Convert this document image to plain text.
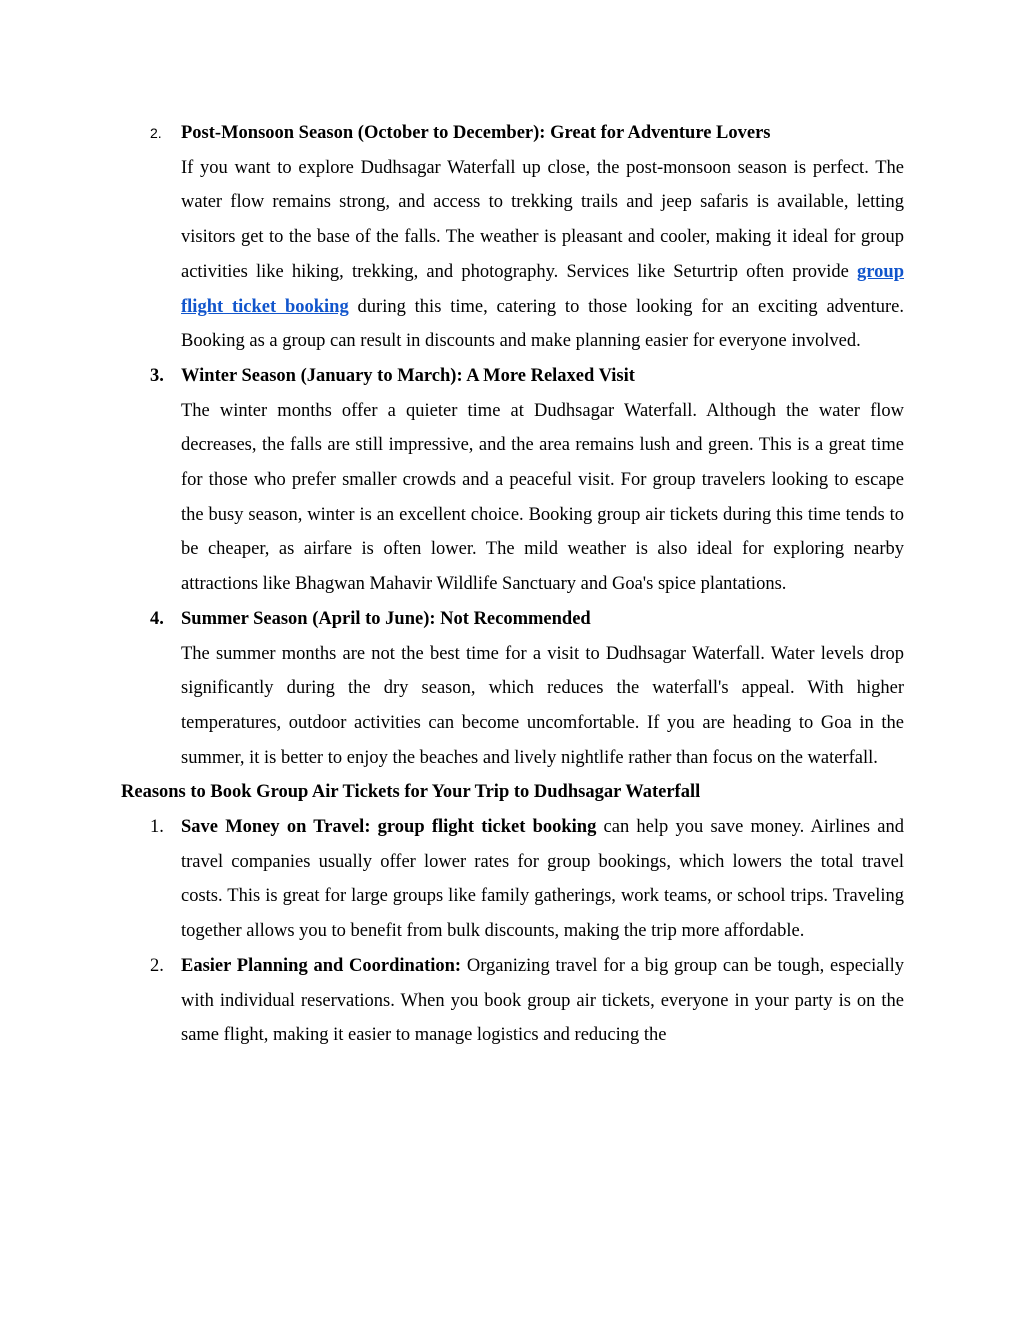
2.	Post-Monsoon Season (October to December): Great for Adventure Lovers
If you want to explore Dudhsagar Waterfall up close, the post-monsoon season is perfect. The water flow remains strong, and access to trekking trails and jeep safaris is available, letting visitors get to the base of the falls. The weather is pleasant and cooler, making it ideal for group activities like hiking, trekking, and photography. Services like Seturtrip often provide group flight ticket booking during this time, catering to those looking for an exciting adventure. Booking as a group can result in discounts and make planning easier for everyone involved.
3. Winter Season (January to March): A More Relaxed Visit
The winter months offer a quieter time at Dudhsagar Waterfall. Although the water flow decreases, the falls are still impressive, and the area remains lush and green. This is a great time for those who prefer smaller crowds and a peaceful visit. For group travelers looking to escape the busy season, winter is an excellent choice. Booking group air tickets during this time tends to be cheaper, as airfare is often lower. The mild weather is also ideal for exploring nearby attractions like Bhagwan Mahavir Wildlife Sanctuary and Goa's spice plantations.
4. Summer Season (April to June): Not Recommended
The summer months are not the best time for a visit to Dudhsagar Waterfall. Water levels drop significantly during the dry season, which reduces the waterfall's appeal. With higher temperatures, outdoor activities can become uncomfortable. If you are heading to Goa in the summer, it is better to enjoy the beaches and lively nightlife rather than focus on the waterfall.
Reasons to Book Group Air Tickets for Your Trip to Dudhsagar Waterfall
1. Save Money on Travel: group flight ticket booking can help you save money. Airlines and travel companies usually offer lower rates for group bookings, which lowers the total travel costs. This is great for large groups like family gatherings, work teams, or school trips. Traveling together allows you to benefit from bulk discounts, making the trip more affordable.
2. Easier Planning and Coordination: Organizing travel for a big group can be tough, especially with individual reservations. When you book group air tickets, everyone in your party is on the same flight, making it easier to manage logistics and reducing the
